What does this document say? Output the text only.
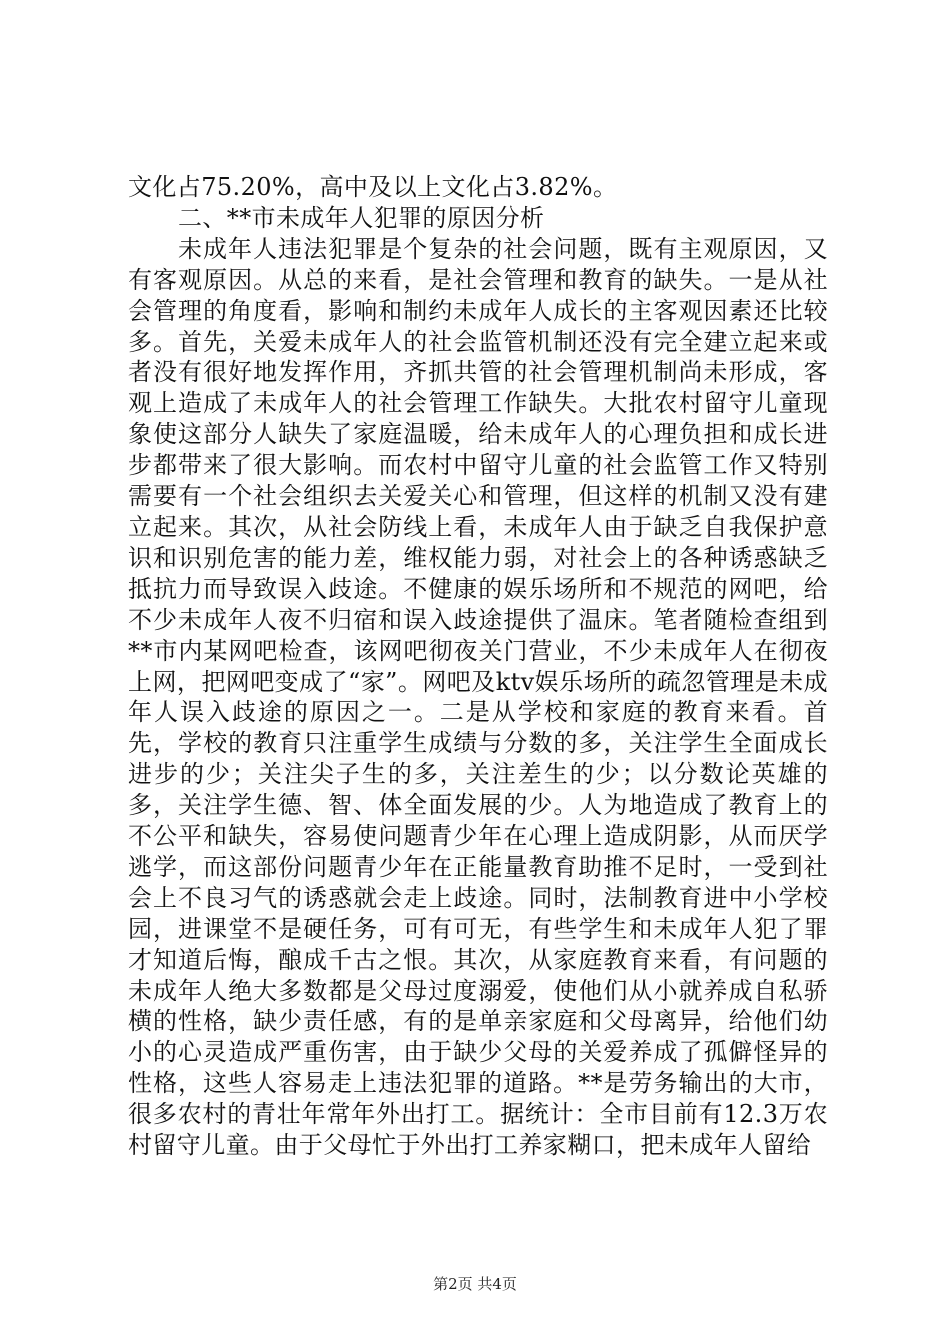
文化占75.20%，高中及以上文化占3.82%。

二、**市未成年人犯罪的原因分析

未成年人违法犯罪是个复杂的社会问题，既有主观原因，又有客观原因。从总的来看，是社会管理和教育的缺失。一是从社会管理的角度看，影响和制约未成年人成长的主客观因素还比较多。首先，关爱未成年人的社会监管机制还没有完全建立起来或者没有很好地发挥作用，齐抓共管的社会管理机制尚未形成，客观上造成了未成年人的社会管理工作缺失。大批农村留守儿童现象使这部分人缺失了家庭温暖，给未成年人的心理负担和成长进步都带来了很大影响。而农村中留守儿童的社会监管工作又特别需要有一个社会组织去关爱关心和管理，但这样的机制又没有建立起来。其次，从社会防线上看，未成年人由于缺乏自我保护意识和识别危害的能力差，维权能力弱，对社会上的各种诱惑缺乏抵抗力而导致误入歧途。不健康的娱乐场所和不规范的网吧，给不少未成年人夜不归宿和误入歧途提供了温床。笔者随检查组到**市内某网吧检查，该网吧彻夜关门营业，不少未成年人在彻夜上网，把网吧变成了“家”。网吧及ktv娱乐场所的疏忽管理是未成年人误入歧途的原因之一。二是从学校和家庭的教育来看。首先，学校的教育只注重学生成绩与分数的多，关注学生全面成长进步的少；关注尖子生的多，关注差生的少；以分数论英雄的多，关注学生德、智、体全面发展的少。人为地造成了教育上的不公平和缺失，容易使问题青少年在心理上造成阴影，从而厌学逃学，而这部份问题青少年在正能量教育助推不足时，一受到社会上不良习气的诱惑就会走上歧途。同时，法制教育进中小学校园，进课堂不是硬任务，可有可无，有些学生和未成年人犯了罪才知道后悔，酿成千古之恨。其次，从家庭教育来看，有问题的未成年人绝大多数都是父母过度溺爱，使他们从小就养成自私骄横的性格，缺少责任感，有的是单亲家庭和父母离异，给他们幼小的心灵造成严重伤害，由于缺少父母的关爱养成了孤僻怪异的性格，这些人容易走上违法犯罪的道路。**是劳务输出的大市，很多农村的青壮年常年外出打工。据统计：全市目前有12.3万农村留守儿童。由于父母忙于外出打工养家糊口，把未成年人留给

第2页 共4页
